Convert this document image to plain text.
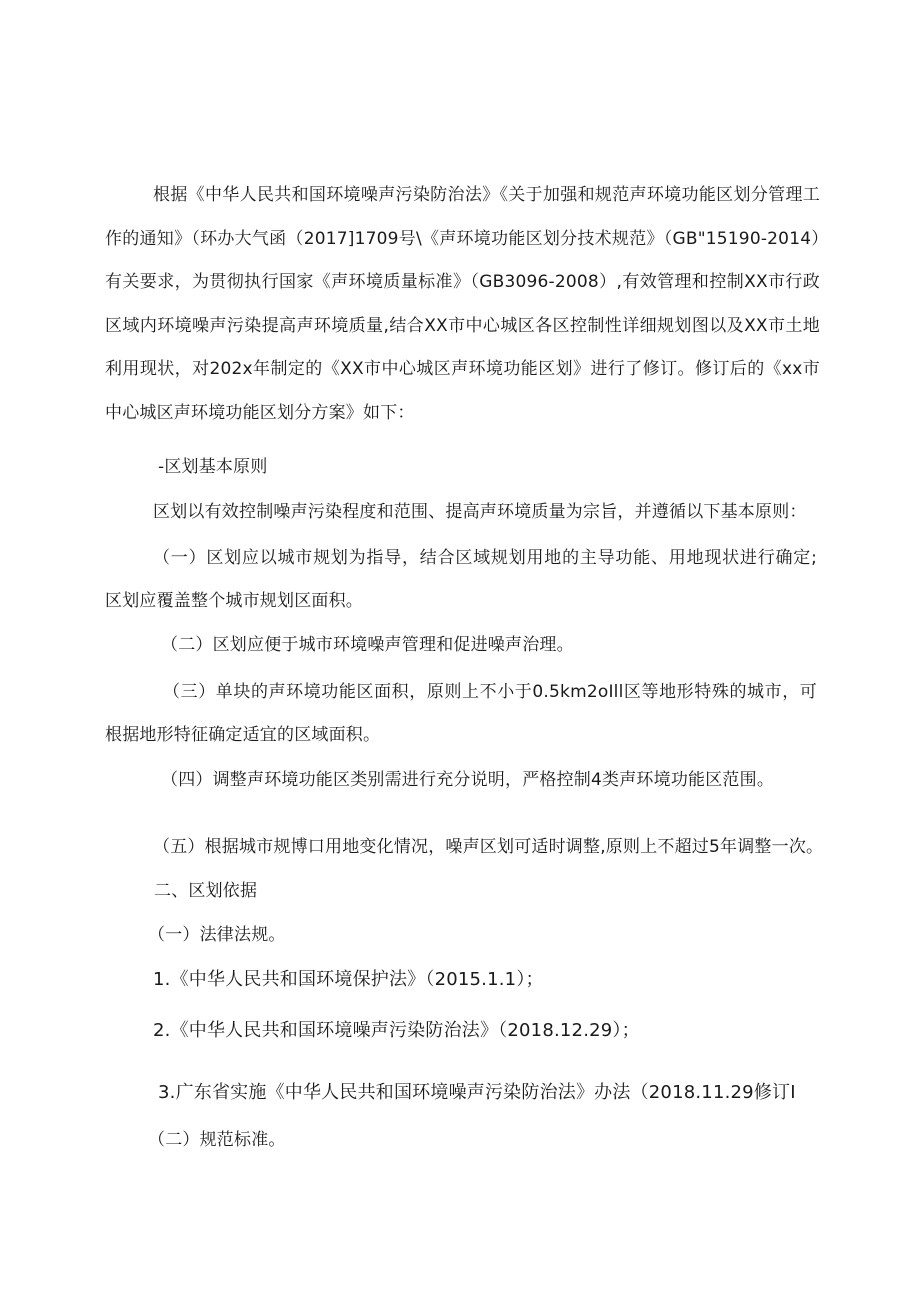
根据《中华人民共和国环境噪声污染防治法》《关于加强和规范声环境功能区划分管理工作的通知》（环办大气函（2017]1709号\《声环境功能区划分技术规范》（GB"15190-2014）有关要求，为贯彻执行国家《声环境质量标准》（GB3096-2008）,有效管理和控制XX市行政区域内环境噪声污染提高声环境质量,结合XX市中心城区各区控制性详细规划图以及XX市土地利用现状，对202x年制定的《XX市中心城区声环境功能区划》进行了修订。修订后的《xx市中心城区声环境功能区划分方案》如下：

-区划基本原则

区划以有效控制噪声污染程度和范围、提高声环境质量为宗旨，并遵循以下基本原则：

（一）区划应以城市规划为指导，结合区域规划用地的主导功能、用地现状进行确定; 区划应覆盖整个城市规划区面积。

（二）区划应便于城市环境噪声管理和促进噪声治理。

（三）单块的声环境功能区面积，原则上不小于0.5km2oIll区等地形特殊的城市，可根据地形特征确定适宜的区域面积。

（四）调整声环境功能区类别需进行充分说明，严格控制4类声环境功能区范围。

（五）根据城市规博口用地变化情况，噪声区划可适时调整,原则上不超过5年调整一次。

二、区划依据

（一）法律法规。

1.《中华人民共和国环境保护法》（2015.1.1）；

2.《中华人民共和国环境噪声污染防治法》（2018.12.29）；

3.广东省实施《中华人民共和国环境噪声污染防治法》办法（2018.11.29修订I

（二）规范标准。
